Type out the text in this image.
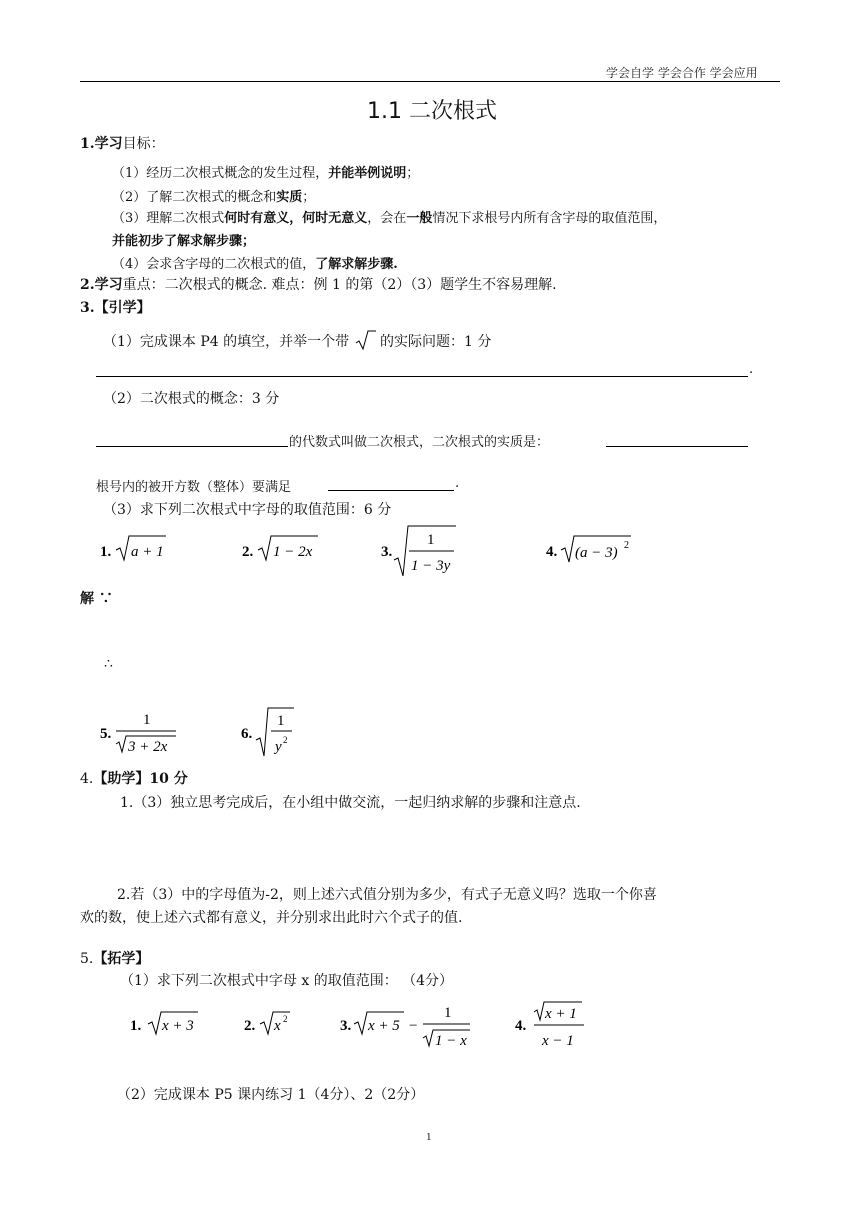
学会自学 学会合作 学会应用
1.1 二次根式
1.学习目标：
（1）经历二次根式概念的发生过程，并能举例说明；
（2）了解二次根式的概念和实质；
（3）理解二次根式何时有意义，何时无意义，会在一般情况下求根号内所有含字母的取值范围，
并能初步了解求解步骤；
（4）会求含字母的二次根式的值，了解求解步骤.
2.学习重点：二次根式的概念. 难点：例 1 的第（2）（3）题学生不容易理解.
3.【引学】
（1）完成课本 P4 的填空，并举一个带 的实际问题：1 分
.
（2）二次根式的概念：3 分
的代数式叫做二次根式，二次根式的实质是：
根号内的被开方数（整体）要满足	.
（3）求下列二次根式中字母的取值范围：6 分
1. a + 1	2. 1 − 2x	3.
1
1 − 3y
4. (a − 3) 2
解 ∵
∴
5.
1
3 + 2x
6.
1
y 2
4.【助学】10 分
1.（3）独立思考完成后，在小组中做交流，一起归纳求解的步骤和注意点.
2.若（3）中的字母值为-2，则上述六式值分别为多少，有式子无意义吗？选取一个你喜
欢的数，使上述六式都有意义，并分别求出此时六个式子的值.
5.【拓学】
（1）求下列二次根式中字母 x 的取值范围： （4分）
1. x + 3	2. x 2	3. x + 5 −
1
1 − x
4.
x + 1
x − 1
（2）完成课本 P5 课内练习 1（4分）、2（2分）
1
